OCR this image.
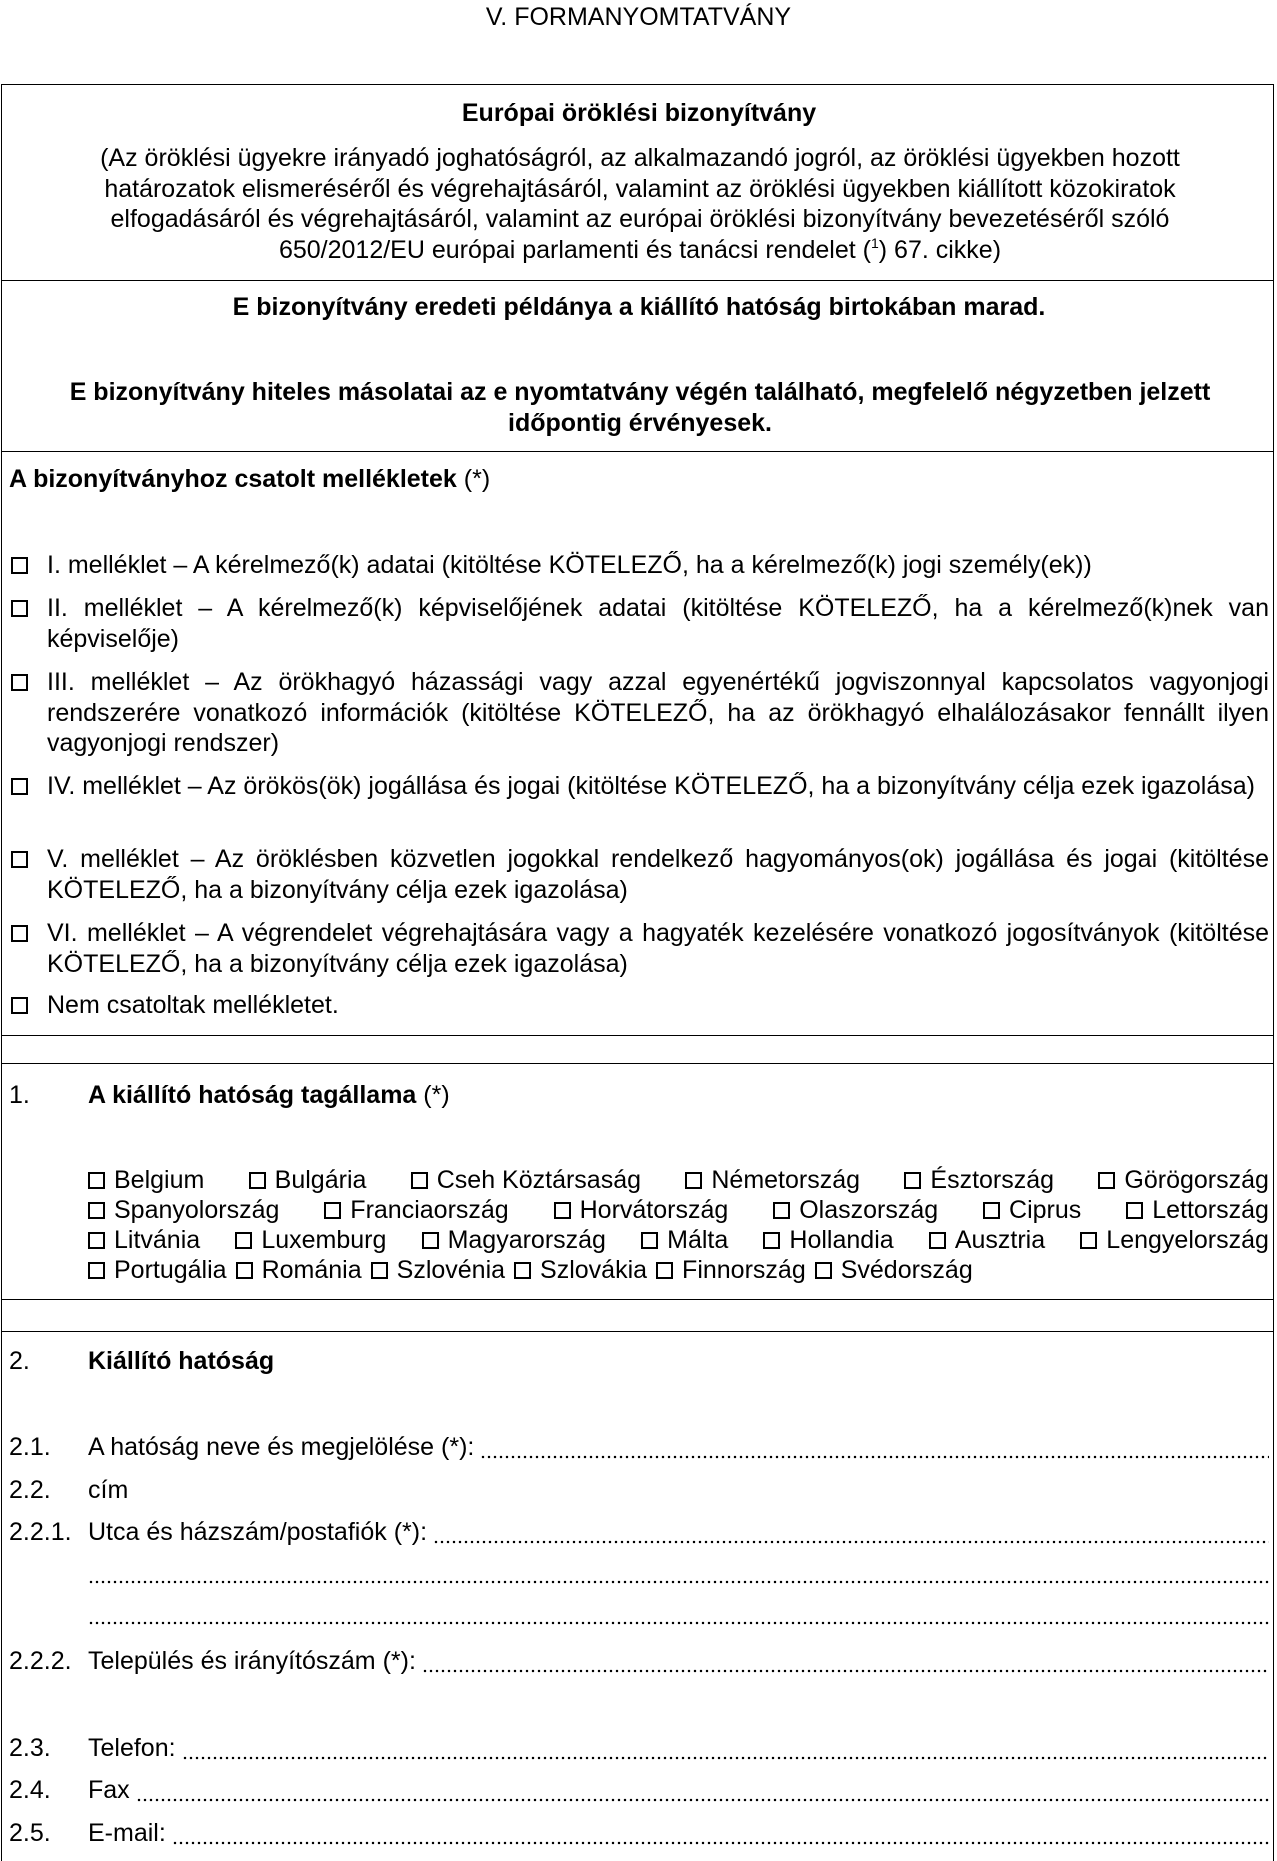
V. FORMANYOMTATVÁNY
Európai öröklési bizonyítvány
(Az öröklési ügyekre irányadó joghatóságról, az alkalmazandó jogról, az öröklési ügyekben hozott határozatok elismeréséről és végrehajtásáról, valamint az öröklési ügyekben kiállított közokiratok elfogadásáról és végrehajtásáról, valamint az európai öröklési bizonyítvány bevezetéséről szóló 650/2012/EU európai parlamenti és tanácsi rendelet ($^1$) 67. cikke)
E bizonyítvány eredeti példánya a kiállító hatóság birtokában marad.
E bizonyítvány hiteles másolatai az e nyomtatvány végén található, megfelelő négyzetben jelzett időpontig érvényesek.
A bizonyítványhoz csatolt mellékletek (*)
I. melléklet – A kérelmező(k) adatai (kitöltése KÖTELEZŐ, ha a kérelmező(k) jogi személy(ek))
II. melléklet – A kérelmező(k) képviselőjének adatai (kitöltése KÖTELEZŐ, ha a kérelmező(k)nek van képviselője)
III. melléklet – Az örökhagyó házassági vagy azzal egyenértékű jogviszonnyal kapcsolatos vagyonjogi rendszerére vonatkozó információk (kitöltése KÖTELEZŐ, ha az örökhagyó elhalálozásakor fennállt ilyen vagyonjogi rendszer)
IV. melléklet – Az örökös(ök) jogállása és jogai (kitöltése KÖTELEZŐ, ha a bizonyítvány célja ezek igazolása)
V. melléklet – Az öröklésben közvetlen jogokkal rendelkező hagyományos(ok) jogállása és jogai (kitöltése KÖTELEZŐ, ha a bizonyítvány célja ezek igazolása)
VI. melléklet – A végrendelet végrehajtására vagy a hagyaték kezelésére vonatkozó jogosítványok (kitöltése KÖTELEZŐ, ha a bizonyítvány célja ezek igazolása)
Nem csatoltak mellékletet.
1. A kiállító hatóság tagállama (*)
Belgium	Bulgária	Cseh Köztársaság	Németország	Észtország	Görögország
Spanyolország	Franciaország	Horvátország	Olaszország	Ciprus	Lettország
Litvánia	Luxemburg	Magyarország	Málta	Hollandia	Ausztria	Lengyelország
Portugália	Románia	Szlovénia	Szlovákia	Finnország	Svédország
2. Kiállító hatóság
2.1. A hatóság neve és megjelölése (*):
2.2. cím
2.2.1. Utca és házszám/postafiók (*):
2.2.2. Település és irányítószám (*):
2.3. Telefon:
2.4. Fax
2.5. E-mail:
